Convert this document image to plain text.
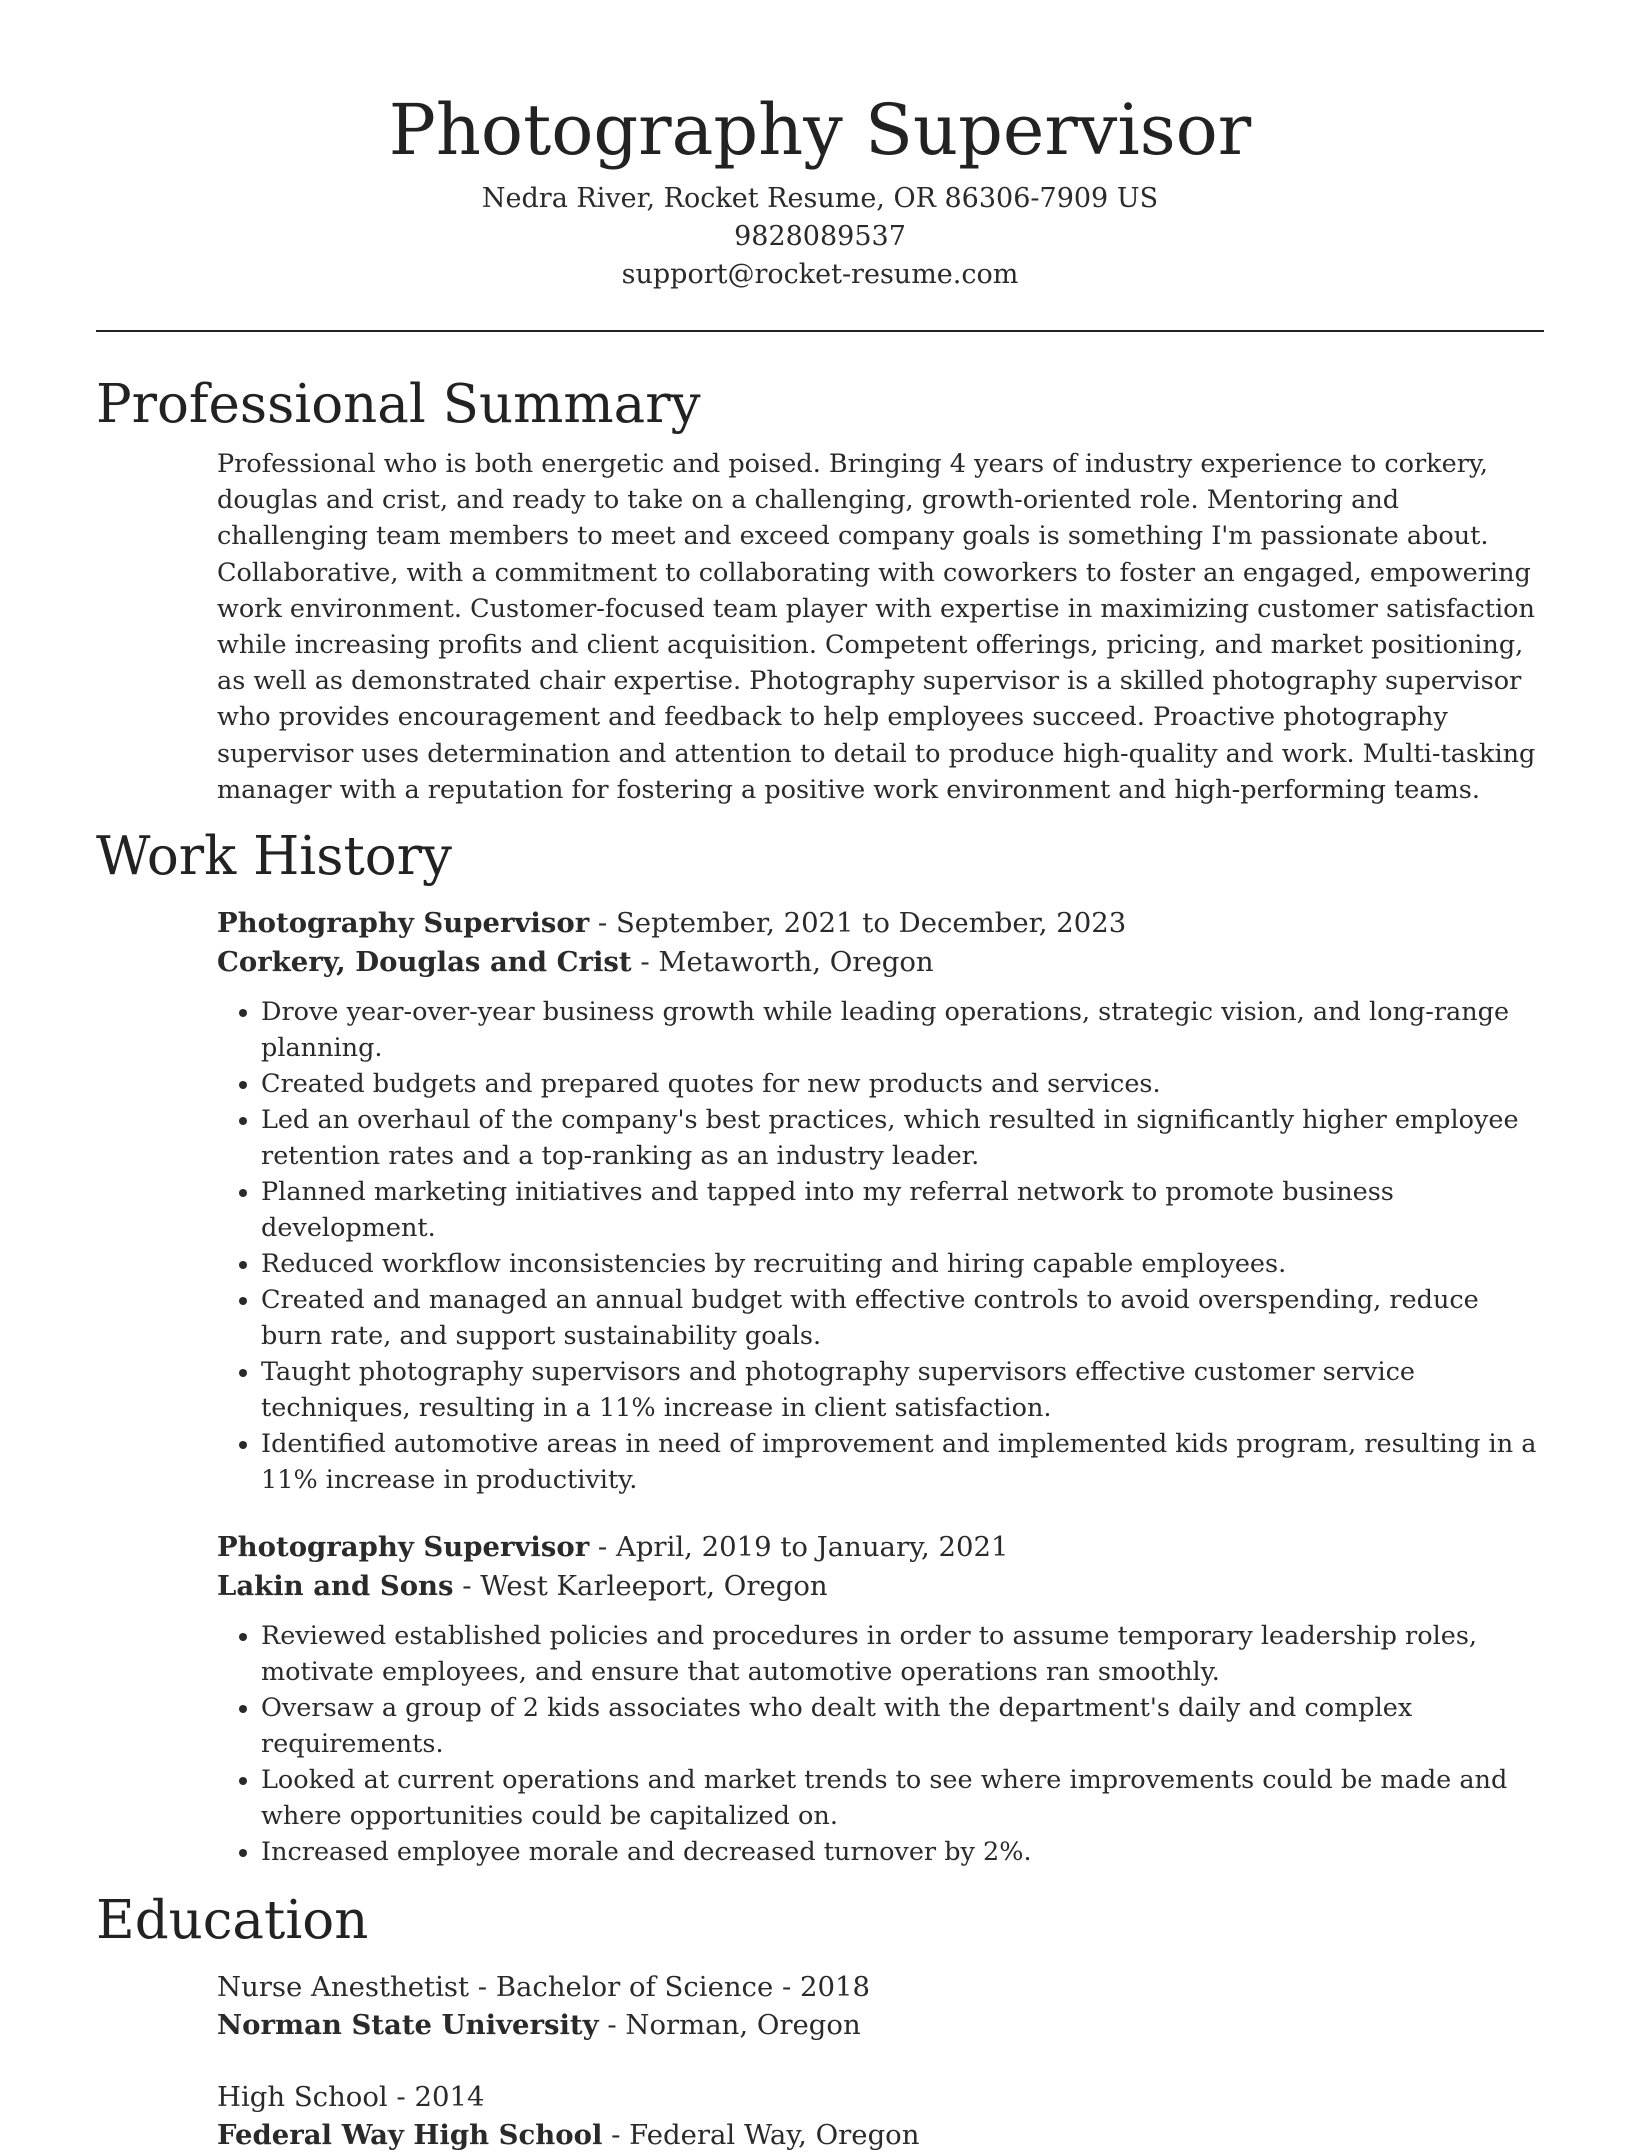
Photography Supervisor
Nedra River, Rocket Resume, OR 86306-7909 US
9828089537
support@rocket-resume.com
Professional Summary

Professional who is both energetic and poised. Bringing 4 years of industry experience to corkery, douglas and crist, and ready to take on a challenging, growth-oriented role. Mentoring and challenging team members to meet and exceed company goals is something I'm passionate about. Collaborative, with a commitment to collaborating with coworkers to foster an engaged, empowering work environment. Customer-focused team player with expertise in maximizing customer satisfaction while increasing profits and client acquisition. Competent offerings, pricing, and market positioning, as well as demonstrated chair expertise. Photography supervisor is a skilled photography supervisor who provides encouragement and feedback to help employees succeed. Proactive photography supervisor uses determination and attention to detail to produce high-quality and work. Multi-tasking manager with a reputation for fostering a positive work environment and high-performing teams.

Work History
Photography Supervisor - September, 2021 to December, 2023
Corkery, Douglas and Crist - Metaworth, Oregon
• Drove year-over-year business growth while leading operations, strategic vision, and long-range planning.
• Created budgets and prepared quotes for new products and services.
• Led an overhaul of the company's best practices, which resulted in significantly higher employee retention rates and a top-ranking as an industry leader.
• Planned marketing initiatives and tapped into my referral network to promote business development.
• Reduced workflow inconsistencies by recruiting and hiring capable employees.
• Created and managed an annual budget with effective controls to avoid overspending, reduce burn rate, and support sustainability goals.
• Taught photography supervisors and photography supervisors effective customer service techniques, resulting in a 11% increase in client satisfaction.
• Identified automotive areas in need of improvement and implemented kids program, resulting in a 11% increase in productivity.
Photography Supervisor - April, 2019 to January, 2021
Lakin and Sons - West Karleeport, Oregon
• Reviewed established policies and procedures in order to assume temporary leadership roles, motivate employees, and ensure that automotive operations ran smoothly.
• Oversaw a group of 2 kids associates who dealt with the department's daily and complex requirements.
• Looked at current operations and market trends to see where improvements could be made and where opportunities could be capitalized on.
• Increased employee morale and decreased turnover by 2%.
Education
Nurse Anesthetist - Bachelor of Science - 2018
Norman State University - Norman, Oregon
High School - 2014
Federal Way High School - Federal Way, Oregon
